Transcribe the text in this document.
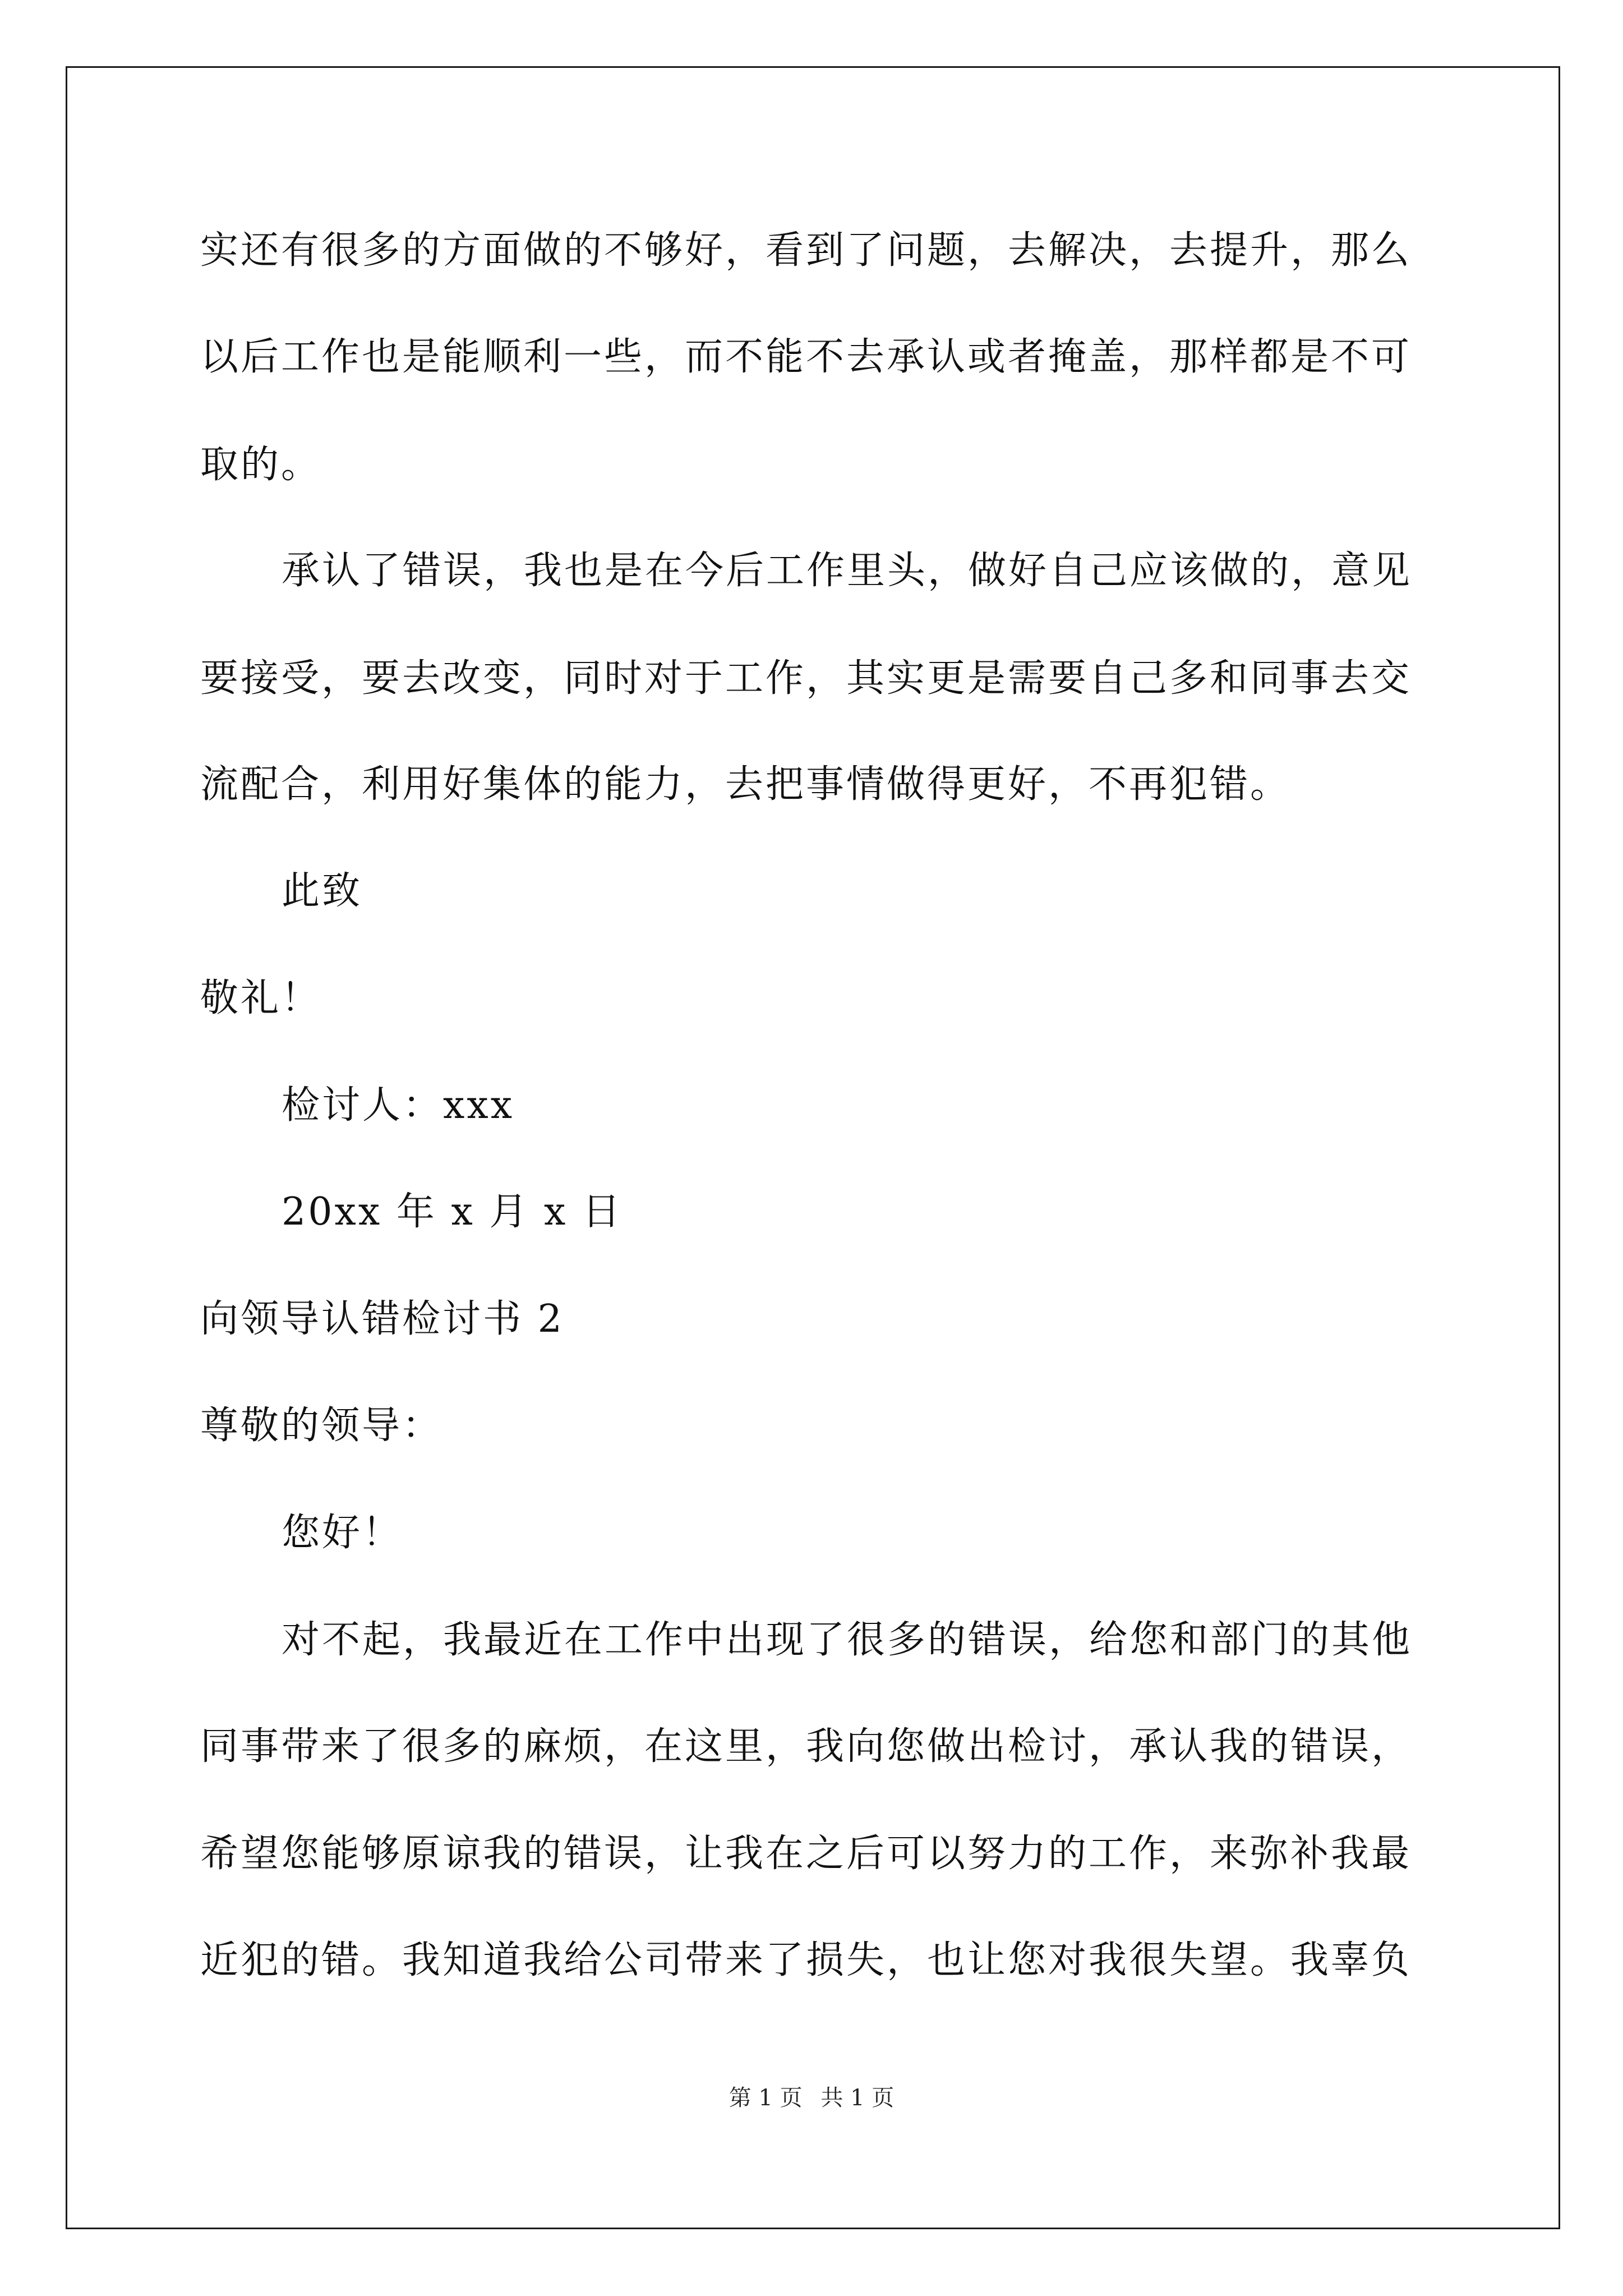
实还有很多的方面做的不够好，看到了问题，去解决，去提升，那么
以后工作也是能顺利一些，而不能不去承认或者掩盖，那样都是不可
取的。
承认了错误，我也是在今后工作里头，做好自己应该做的，意见
要接受，要去改变，同时对于工作，其实更是需要自己多和同事去交
流配合，利用好集体的能力，去把事情做得更好，不再犯错。
此致
敬礼！
检讨人：xxx
20xx 年 x 月 x 日
向领导认错检讨书 2
尊敬的领导：
您好！
对不起，我最近在工作中出现了很多的错误，给您和部门的其他
同事带来了很多的麻烦，在这里，我向您做出检讨，承认我的错误，
希望您能够原谅我的错误，让我在之后可以努力的工作，来弥补我最
近犯的错。我知道我给公司带来了损失，也让您对我很失望。我辜负
第 1 页 共 1 页
